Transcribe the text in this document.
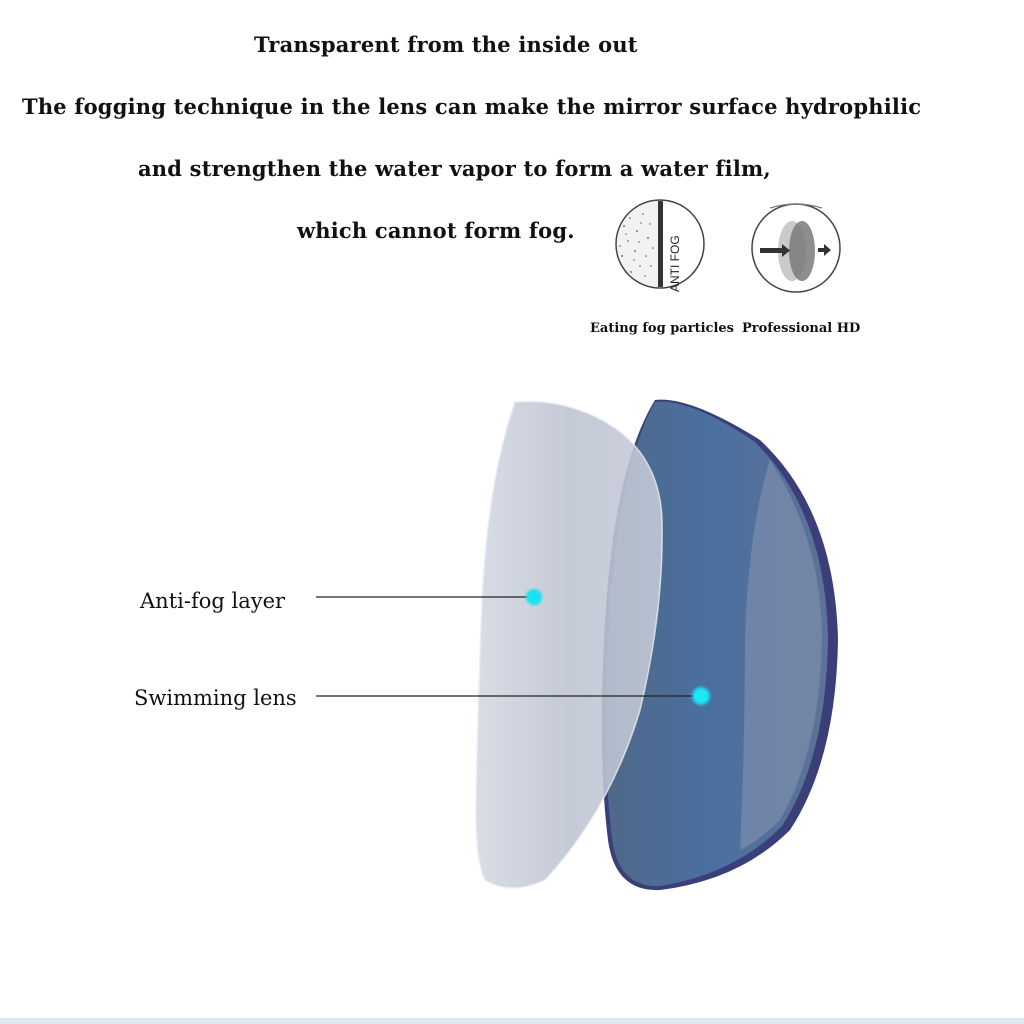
Transparent from the inside out
The fogging technique in the lens can make the mirror surface hydrophilic
and strengthen the water vapor to form a water film,
which cannot form fog.
ANTI FOG
Eating fog particles Professional HD
Anti-fog layer
Swimming lens
